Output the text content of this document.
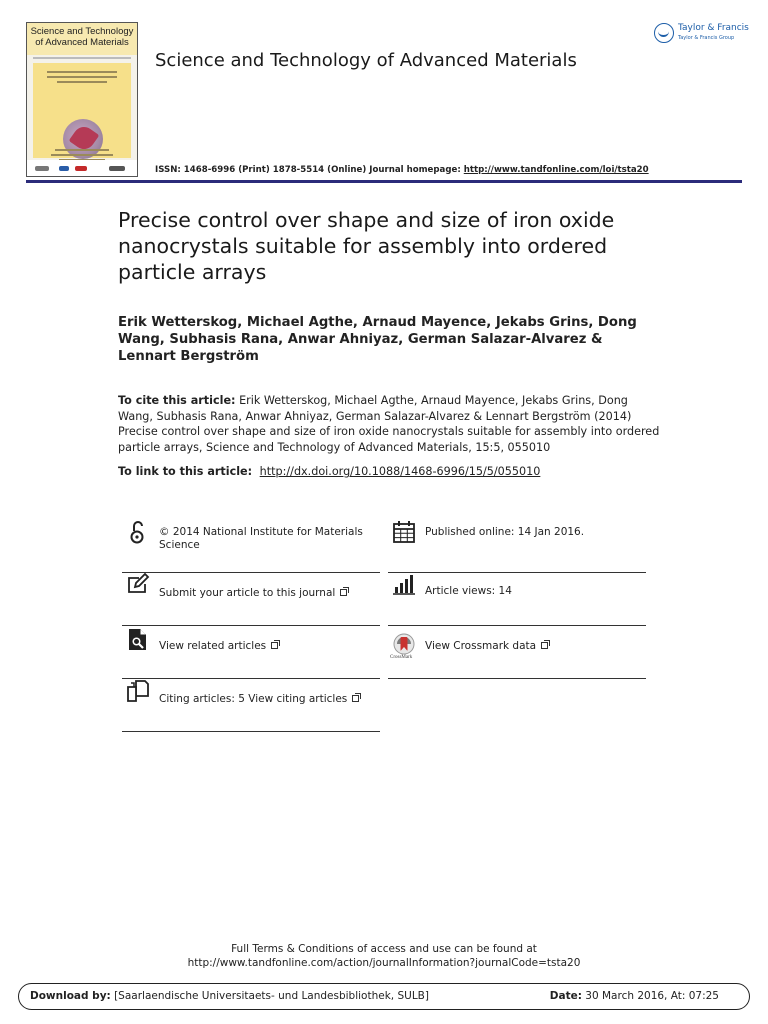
Science and Technology
of Advanced Materials
Science and Technology of Advanced Materials
Taylor & Francis
Taylor & Francis Group
ISSN: 1468-6996 (Print) 1878-5514 (Online) Journal homepage: http://www.tandfonline.com/loi/tsta20
Precise control over shape and size of iron oxide nanocrystals suitable for assembly into ordered particle arrays
Erik Wetterskog, Michael Agthe, Arnaud Mayence, Jekabs Grins, Dong Wang, Subhasis Rana, Anwar Ahniyaz, German Salazar-Alvarez & Lennart Bergström
To cite this article: Erik Wetterskog, Michael Agthe, Arnaud Mayence, Jekabs Grins, Dong Wang, Subhasis Rana, Anwar Ahniyaz, German Salazar-Alvarez & Lennart Bergström (2014) Precise control over shape and size of iron oxide nanocrystals suitable for assembly into ordered particle arrays, Science and Technology of Advanced Materials, 15:5, 055010
To link to this article: http://dx.doi.org/10.1088/1468-6996/15/5/055010
© 2014 National Institute for Materials Science
Published online: 14 Jan 2016.
Submit your article to this journal	Article views: 14
View related articles
CrossMark
View Crossmark data
Citing articles: 5 View citing articles
Full Terms & Conditions of access and use can be found at
http://www.tandfonline.com/action/journalInformation?journalCode=tsta20
Download by: [Saarlaendische Universitaets- und Landesbibliothek, SULB]	Date: 30 March 2016, At: 07:25
